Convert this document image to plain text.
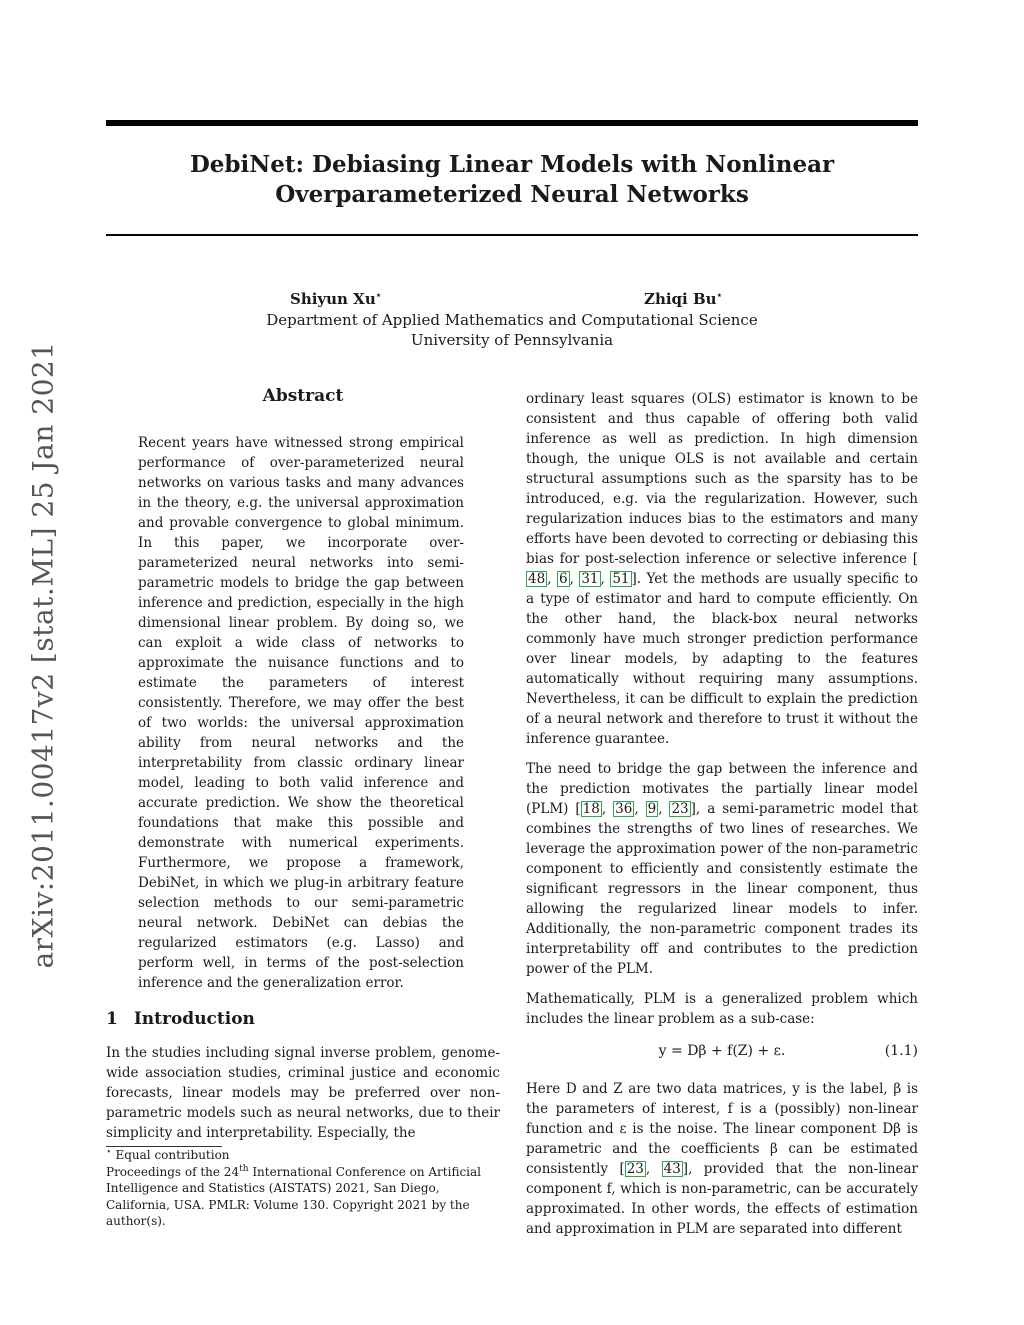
arXiv:2011.00417v2 [stat.ML] 25 Jan 2021
DebiNet: Debiasing Linear Models with Nonlinear
Overparameterized Neural Networks
Shiyun Xu⋆	Zhiqi Bu⋆
Department of Applied Mathematics and Computational Science
University of Pennsylvania
Abstract

Recent years have witnessed strong empirical performance of over-parameterized neural networks on various tasks and many advances in the theory, e.g. the universal approximation and provable convergence to global minimum. In this paper, we incorporate over-parameterized neural networks into semi-parametric models to bridge the gap between inference and prediction, especially in the high dimensional linear problem. By doing so, we can exploit a wide class of networks to approximate the nuisance functions and to estimate the parameters of interest consistently. Therefore, we may offer the best of two worlds: the universal approximation ability from neural networks and the interpretability from classic ordinary linear model, leading to both valid inference and accurate prediction. We show the theoretical foundations that make this possible and demonstrate with numerical experiments. Furthermore, we propose a framework, DebiNet, in which we plug-in arbitrary feature selection methods to our semi-parametric neural network. DebiNet can debias the regularized estimators (e.g. Lasso) and perform well, in terms of the post-selection inference and the generalization error.

1 Introduction

In the studies including signal inverse problem, genome-wide association studies, criminal justice and economic forecasts, linear models may be preferred over non-parametric models such as neural networks, due to their simplicity and interpretability. Especially, the

⋆ Equal contribution
Proceedings of the 24th International Conference on Artificial Intelligence and Statistics (AISTATS) 2021, San Diego, California, USA. PMLR: Volume 130. Copyright 2021 by the author(s).

ordinary least squares (OLS) estimator is known to be consistent and thus capable of offering both valid inference as well as prediction. In high dimension though, the unique OLS is not available and certain structural assumptions such as the sparsity has to be introduced, e.g. via the regularization. However, such regularization induces bias to the estimators and many efforts have been devoted to correcting or debiasing this bias for post-selection inference or selective inference [48 , 6 , 31 , 51 ]. Yet the methods are usually specific to a type of estimator and hard to compute efficiently. On the other hand, the black-box neural networks commonly have much stronger prediction performance over linear models, by adapting to the features automatically without requiring many assumptions. Nevertheless, it can be difficult to explain the prediction of a neural network and therefore to trust it without the inference guarantee.

The need to bridge the gap between the inference and the prediction motivates the partially linear model (PLM) [ 18 , 36 , 9 , 23 ], a semi-parametric model that combines the strengths of two lines of researches. We leverage the approximation power of the non-parametric component to efficiently and consistently estimate the significant regressors in the linear component, thus allowing the regularized linear models to infer. Additionally, the non-parametric component trades its interpretability off and contributes to the prediction power of the PLM.

Mathematically, PLM is a generalized problem which includes the linear problem as a sub-case:

y = Dβ + f(Z) + ε.	(1.1)

Here D and Z are two data matrices, y is the label, β is the parameters of interest, f is a (possibly) non-linear function and ε is the noise. The linear component Dβ is parametric and the coefficients β can be estimated consistently [ 23 , 43 ], provided that the non-linear component f, which is non-parametric, can be accurately approximated. In other words, the effects of estimation and approximation in PLM are separated into different
